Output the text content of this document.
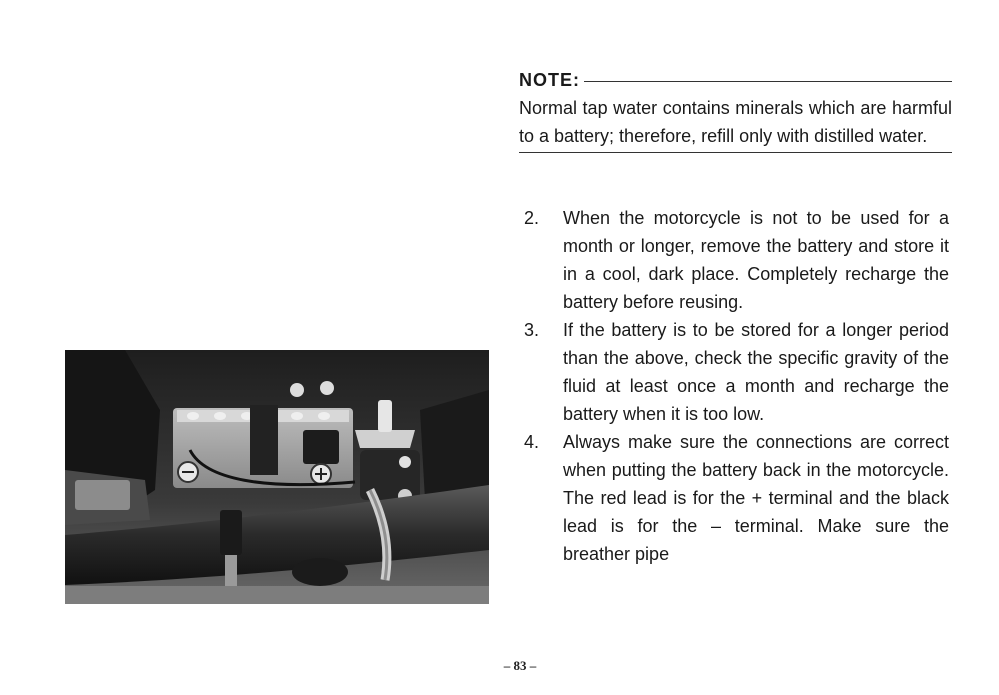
NOTE:
Normal tap water contains minerals which are harmful to a battery; therefore, refill only with distilled water.
2.	When the motorcycle is not to be used for a month or longer, remove the battery and store it in a cool, dark place. Completely recharge the battery before reusing.
3.	If the battery is to be stored for a longer period than the above, check the specific gravity of the fluid at least once a month and recharge the battery when it is too low.
4.	Always make sure the connections are correct when putting the battery back in the motorcycle. The red lead is for the + terminal and the black lead is for the – terminal. Make sure the breather pipe
– 83 –
